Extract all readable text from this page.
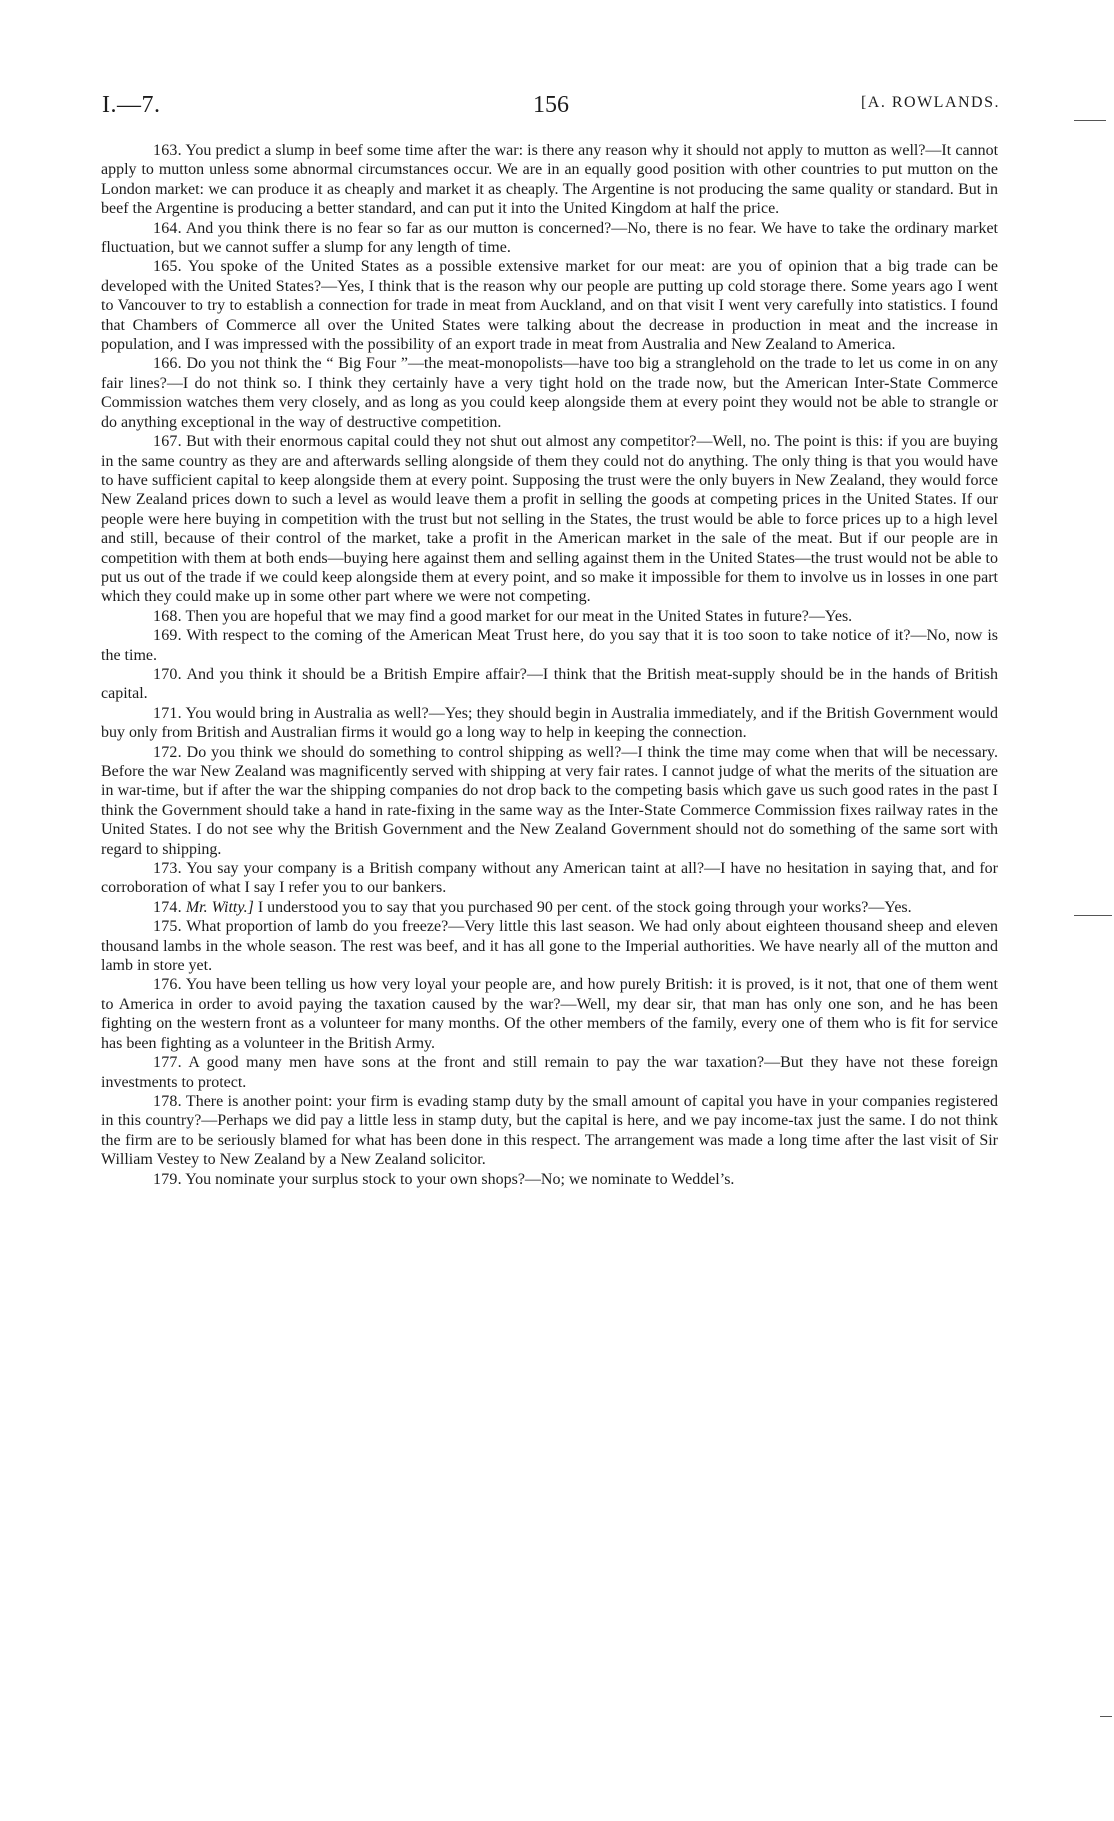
I.—7.	156	[A. ROWLANDS.

163. You predict a slump in beef some time after the war: is there any reason why it should not apply to mutton as well?—It cannot apply to mutton unless some abnormal circumstances occur. We are in an equally good position with other countries to put mutton on the London market: we can produce it as cheaply and market it as cheaply. The Argentine is not producing the same quality or standard. But in beef the Argentine is producing a better standard, and can put it into the United Kingdom at half the price.

164. And you think there is no fear so far as our mutton is concerned?—No, there is no fear. We have to take the ordinary market fluctuation, but we cannot suffer a slump for any length of time.

165. You spoke of the United States as a possible extensive market for our meat: are you of opinion that a big trade can be developed with the United States?—Yes, I think that is the reason why our people are putting up cold storage there. Some years ago I went to Vancouver to try to establish a connection for trade in meat from Auckland, and on that visit I went very carefully into statistics. I found that Chambers of Commerce all over the United States were talking about the decrease in production in meat and the increase in population, and I was impressed with the possibility of an export trade in meat from Australia and New Zealand to America.

166. Do you not think the “ Big Four ”—the meat-monopolists—have too big a stranglehold on the trade to let us come in on any fair lines?—I do not think so. I think they certainly have a very tight hold on the trade now, but the American Inter-State Commerce Commission watches them very closely, and as long as you could keep alongside them at every point they would not be able to strangle or do anything exceptional in the way of destructive competition.

167. But with their enormous capital could they not shut out almost any competitor?—Well, no. The point is this: if you are buying in the same country as they are and afterwards selling alongside of them they could not do anything. The only thing is that you would have to have sufficient capital to keep alongside them at every point. Supposing the trust were the only buyers in New Zealand, they would force New Zealand prices down to such a level as would leave them a profit in selling the goods at competing prices in the United States. If our people were here buying in competition with the trust but not selling in the States, the trust would be able to force prices up to a high level and still, because of their control of the market, take a profit in the American market in the sale of the meat. But if our people are in competition with them at both ends—buying here against them and selling against them in the United States—the trust would not be able to put us out of the trade if we could keep alongside them at every point, and so make it impossible for them to involve us in losses in one part which they could make up in some other part where we were not competing.

168. Then you are hopeful that we may find a good market for our meat in the United States in future?—Yes.

169. With respect to the coming of the American Meat Trust here, do you say that it is too soon to take notice of it?—No, now is the time.

170. And you think it should be a British Empire affair?—I think that the British meat-supply should be in the hands of British capital.

171. You would bring in Australia as well?—Yes; they should begin in Australia immediately, and if the British Government would buy only from British and Australian firms it would go a long way to help in keeping the connection.

172. Do you think we should do something to control shipping as well?—I think the time may come when that will be necessary. Before the war New Zealand was magnificently served with shipping at very fair rates. I cannot judge of what the merits of the situation are in war-time, but if after the war the shipping companies do not drop back to the competing basis which gave us such good rates in the past I think the Government should take a hand in rate-fixing in the same way as the Inter-State Commerce Commission fixes railway rates in the United States. I do not see why the British Government and the New Zealand Government should not do something of the same sort with regard to shipping.

173. You say your company is a British company without any American taint at all?—I have no hesitation in saying that, and for corroboration of what I say I refer you to our bankers.

174. Mr. Witty.] I understood you to say that you purchased 90 per cent. of the stock going through your works?—Yes.

175. What proportion of lamb do you freeze?—Very little this last season. We had only about eighteen thousand sheep and eleven thousand lambs in the whole season. The rest was beef, and it has all gone to the Imperial authorities. We have nearly all of the mutton and lamb in store yet.

176. You have been telling us how very loyal your people are, and how purely British: it is proved, is it not, that one of them went to America in order to avoid paying the taxation caused by the war?—Well, my dear sir, that man has only one son, and he has been fighting on the western front as a volunteer for many months. Of the other members of the family, every one of them who is fit for service has been fighting as a volunteer in the British Army.

177. A good many men have sons at the front and still remain to pay the war taxation?—But they have not these foreign investments to protect.

178. There is another point: your firm is evading stamp duty by the small amount of capital you have in your companies registered in this country?—Perhaps we did pay a little less in stamp duty, but the capital is here, and we pay income-tax just the same. I do not think the firm are to be seriously blamed for what has been done in this respect. The arrangement was made a long time after the last visit of Sir William Vestey to New Zealand by a New Zealand solicitor.

179. You nominate your surplus stock to your own shops?—No; we nominate to Weddel’s.
